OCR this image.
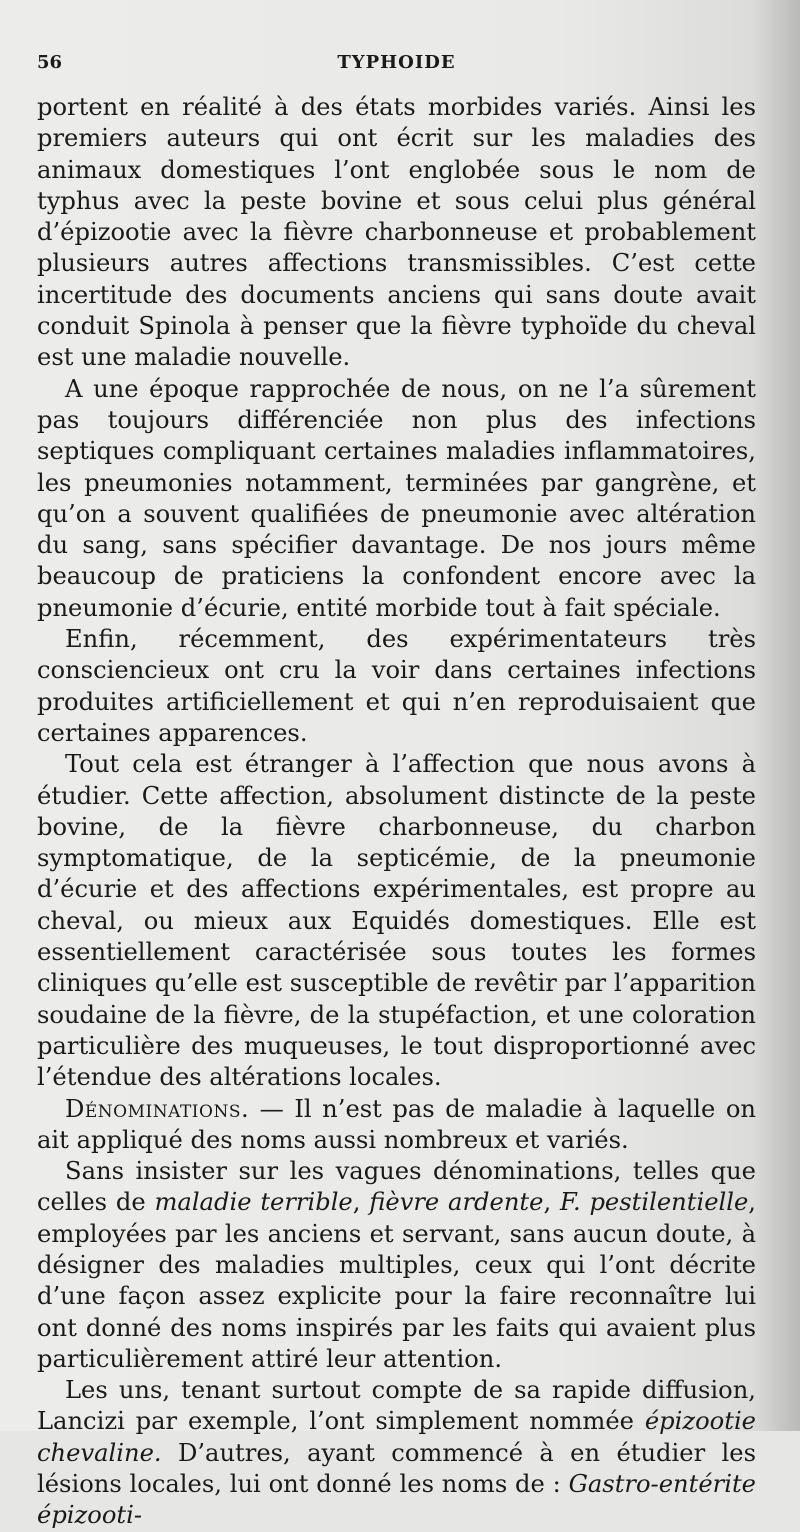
56	TYPHOIDE

portent en réalité à des états morbides variés. Ainsi les premiers auteurs qui ont écrit sur les maladies des animaux domestiques l’ont englobée sous le nom de typhus avec la peste bovine et sous celui plus général d’épizootie avec la fièvre charbonneuse et probablement plusieurs autres affections transmissibles. C’est cette incertitude des documents anciens qui sans doute avait conduit Spinola à penser que la fièvre typhoïde du cheval est une maladie nouvelle.

A une époque rapprochée de nous, on ne l’a sûrement pas toujours différenciée non plus des infections septiques compliquant certaines maladies inflammatoires, les pneumonies notamment, terminées par gangrène, et qu’on a souvent qualifiées de pneumonie avec altération du sang, sans spécifier davantage. De nos jours même beaucoup de praticiens la confondent encore avec la pneumonie d’écurie, entité morbide tout à fait spéciale.

Enfin, récemment, des expérimentateurs très consciencieux ont cru la voir dans certaines infections produites artificiellement et qui n’en reproduisaient que certaines apparences.

Tout cela est étranger à l’affection que nous avons à étudier. Cette affection, absolument distincte de la peste bovine, de la fièvre charbonneuse, du charbon symptomatique, de la septicémie, de la pneumonie d’écurie et des affections expérimentales, est propre au cheval, ou mieux aux Equidés domestiques. Elle est essentiellement caractérisée sous toutes les formes cliniques qu’elle est susceptible de revêtir par l’apparition soudaine de la fièvre, de la stupéfaction, et une coloration particulière des muqueuses, le tout disproportionné avec l’étendue des altérations locales.

Dénominations. — Il n’est pas de maladie à laquelle on ait appliqué des noms aussi nombreux et variés.

Sans insister sur les vagues dénominations, telles que celles de maladie terrible, fièvre ardente, F. pestilentielle, employées par les anciens et servant, sans aucun doute, à désigner des maladies multiples, ceux qui l’ont décrite d’une façon assez explicite pour la faire reconnaître lui ont donné des noms inspirés par les faits qui avaient plus particulièrement attiré leur attention.

Les uns, tenant surtout compte de sa rapide diffusion, Lancizi par exemple, l’ont simplement nommée épizootie chevaline. D’autres, ayant commencé à en étudier les lésions locales, lui ont donné les noms de : Gastro-entérite épizooti-
